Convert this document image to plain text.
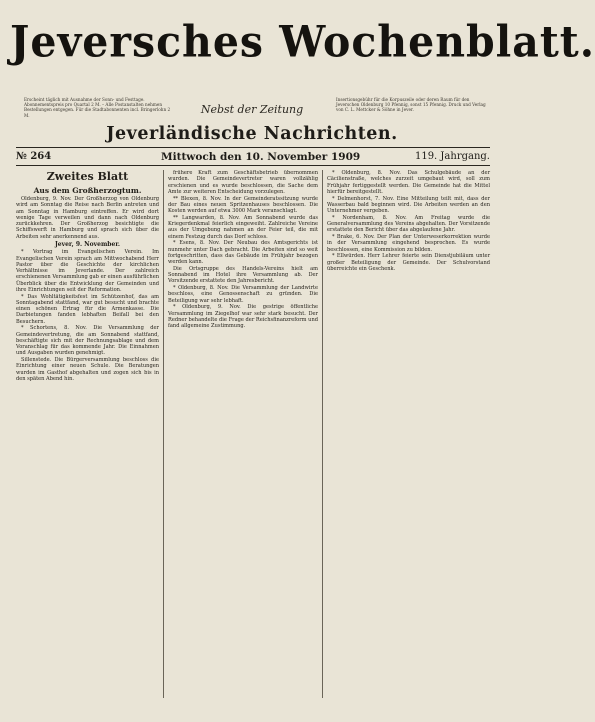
Jeversches Wochenblatt.
Erscheint täglich mit Ausnahme der Sonn- und Festtage. Abonnementspreis pro Quartal 2 M. – Alle Postanstalten nehmen Bestellungen entgegen. Für die Stadtabonnenten incl. Bringerlohn 2 M.	Nebst der Zeitung
Insertionsgebühr für die Korpuszeile oder deren Raum für den Jeverschen Oldenburg 10 Pfennig, sonst 15 Pfennig. Druck und Verlag von C. L. Mettcker & Söhne in Jever.
Jeverländische Nachrichten.
№ 264	Mittwoch den 10. November 1909	119. Jahrgang.
Zweites Blatt
Aus dem Großherzogtum.

Oldenburg, 9. Nov. Der Großherzog von Oldenburg wird am Sonntag die Reise nach Berlin antreten und am Sonntag in Hamburg eintreffen. Er wird dort wenige Tage verweilen und dann nach Oldenburg zurückkehren. Der Großherzog besichtigte die Schiffswerft in Hamburg und sprach sich über die Arbeiten sehr anerkennend aus.

Jever, 9. November.

* Vortrag im Evangelischen Verein. Im Evangelischen Verein sprach am Mittwochabend Herr Pastor über die Geschichte der kirchlichen Verhältnisse im Jeverlande. Der zahlreich erschienenen Versammlung gab er einen ausführlichen Überblick über die Entwicklung der Gemeinden und ihre Einrichtungen seit der Reformation.

* Das Wohltätigkeitsfest im Schützenhof, das am Sonntagabend stattfand, war gut besucht und brachte einen schönen Ertrag für die Armenkasse. Die Darbietungen fanden lebhaften Beifall bei den Besuchern.

* Schortens, 8. Nov. Die Versammlung der Gemeindevertretung, die am Sonnabend stattfand, beschäftigte sich mit der Rechnungsablage und dem Voranschlag für das kommende Jahr. Die Einnahmen und Ausgaben wurden genehmigt.

Sillenstede. Die Bürgerversammlung beschloss die Einrichtung einer neuen Schule. Die Beratungen wurden im Gasthof abgehalten und zogen sich bis in den späten Abend hin.

frühere Kraft zum Geschäftsbetrieb übernommen wurden. Die Gemeindevertreter waren vollzählig erschienen und es wurde beschlossen, die Sache dem Amte zur weiteren Entscheidung vorzulegen.

** Blexen, 8. Nov. In der Gemeinderatssitzung wurde der Bau eines neuen Spritzenhauses beschlossen. Die Kosten werden auf etwa 3000 Mark veranschlagt.

** Langwarden, 8. Nov. Am Sonnabend wurde das Kriegerdenkmal feierlich eingeweiht. Zahlreiche Vereine aus der Umgebung nahmen an der Feier teil, die mit einem Festzug durch das Dorf schloss.

* Esens, 8. Nov. Der Neubau des Amtsgerichts ist nunmehr unter Dach gebracht. Die Arbeiten sind so weit fortgeschritten, dass das Gebäude im Frühjahr bezogen werden kann.

Die Ortsgruppe des Handels-Vereins hielt am Sonnabend im Hotel ihre Versammlung ab. Der Vorsitzende erstattete den Jahresbericht.

* Oldenburg, 8. Nov. Die Versammlung der Landwirte beschloss, eine Genossenschaft zu gründen. Die Beteiligung war sehr lebhaft.

* Oldenburg, 9. Nov. Die gestrige öffentliche Versammlung im Ziegelhof war sehr stark besucht. Der Redner behandelte die Frage der Reichsfinanzreform und fand allgemeine Zustimmung.

* Oldenburg, 8. Nov. Das Schulgebäude an der Cäcilienstraße, welches zurzeit umgebaut wird, soll zum Frühjahr fertiggestellt werden. Die Gemeinde hat die Mittel hierfür bereitgestellt.

* Delmenhorst, 7. Nov. Eine Mitteilung teilt mit, dass der Wasserbau bald beginnen wird. Die Arbeiten werden an den Unternehmer vergeben.

* Nordenham, 8. Nov. Am Freitag wurde die Generalversammlung des Vereins abgehalten. Der Vorsitzende erstattete den Bericht über das abgelaufene Jahr.

* Brake, 6. Nov. Der Plan der Unterweserkorrektion wurde in der Versammlung eingehend besprochen. Es wurde beschlossen, eine Kommission zu bilden.

* Ellwürden. Herr Lehrer feierte sein Dienstjubiläum unter großer Beteiligung der Gemeinde. Der Schulvorstand überreichte ein Geschenk.
